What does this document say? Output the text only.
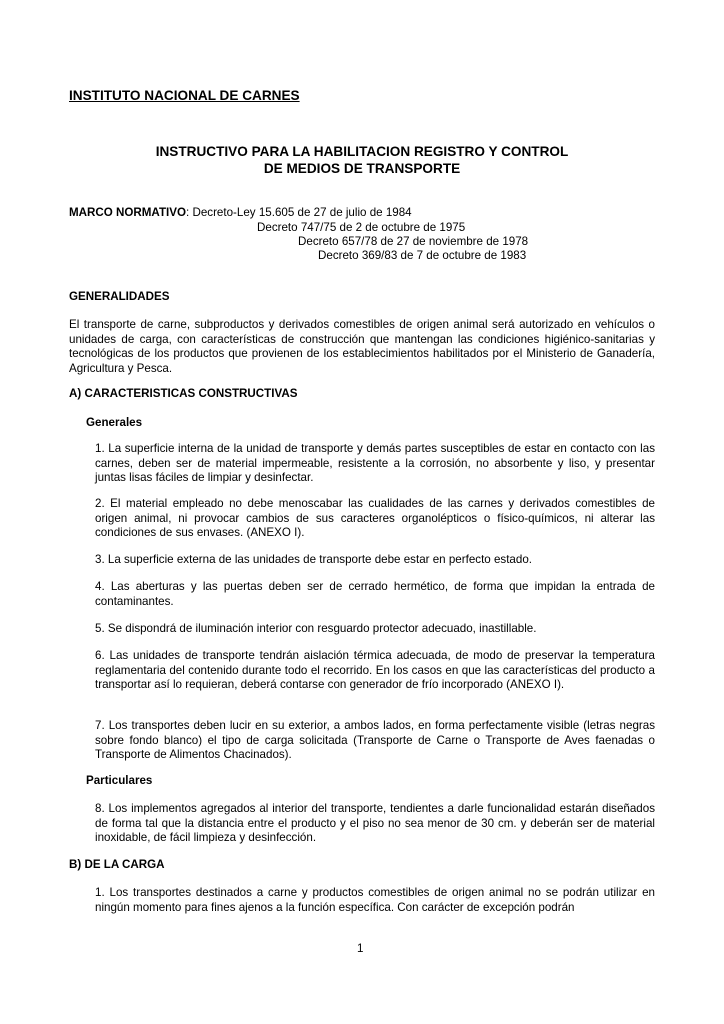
INSTITUTO NACIONAL DE CARNES
INSTRUCTIVO PARA LA HABILITACION REGISTRO Y CONTROL
DE MEDIOS DE TRANSPORTE
MARCO NORMATIVO: Decreto-Ley 15.605 de 27 de julio de 1984
Decreto 747/75 de 2 de octubre de 1975
Decreto 657/78 de 27 de noviembre de 1978
Decreto 369/83 de 7 de octubre de 1983
GENERALIDADES
El transporte de carne, subproductos y derivados comestibles de origen animal será autorizado en vehículos o unidades de carga, con características de construcción que mantengan las condiciones higiénico-sanitarias y tecnológicas de los productos que provienen de los establecimientos habilitados por el Ministerio de Ganadería, Agricultura y Pesca.
A) CARACTERISTICAS CONSTRUCTIVAS
Generales
1. La superficie interna de la unidad de transporte y demás partes susceptibles de estar en contacto con las carnes, deben ser de material impermeable, resistente a la corrosión, no absorbente y liso, y presentar juntas lisas fáciles de limpiar y desinfectar.
2. El material empleado no debe menoscabar las cualidades de las carnes y derivados comestibles de origen animal, ni provocar cambios de sus caracteres organolépticos o físico-químicos, ni alterar las condiciones de sus envases. (ANEXO I).
3. La superficie externa de las unidades de transporte debe estar en perfecto estado.
4. Las aberturas y las puertas deben ser de cerrado hermético, de forma que impidan la entrada de contaminantes.
5. Se dispondrá de iluminación interior con resguardo protector adecuado, inastillable.
6. Las unidades de transporte tendrán aislación térmica adecuada, de modo de preservar la temperatura reglamentaria del contenido durante todo el recorrido. En los casos en que las características del producto a transportar así lo requieran, deberá contarse con generador de frío incorporado (ANEXO I).
7. Los transportes deben lucir en su exterior, a ambos lados, en forma perfectamente visible (letras negras sobre fondo blanco) el tipo de carga solicitada (Transporte de Carne o Transporte de Aves faenadas o Transporte de Alimentos Chacinados).
Particulares
8. Los implementos agregados al interior del transporte, tendientes a darle funcionalidad estarán diseñados de forma tal que la distancia entre el producto y el piso no sea menor de 30 cm. y deberán ser de material inoxidable, de fácil limpieza y desinfección.
B) DE LA CARGA
1. Los transportes destinados a carne y productos comestibles de origen animal no se podrán utilizar en ningún momento para fines ajenos a la función específica. Con carácter de excepción podrán
1
